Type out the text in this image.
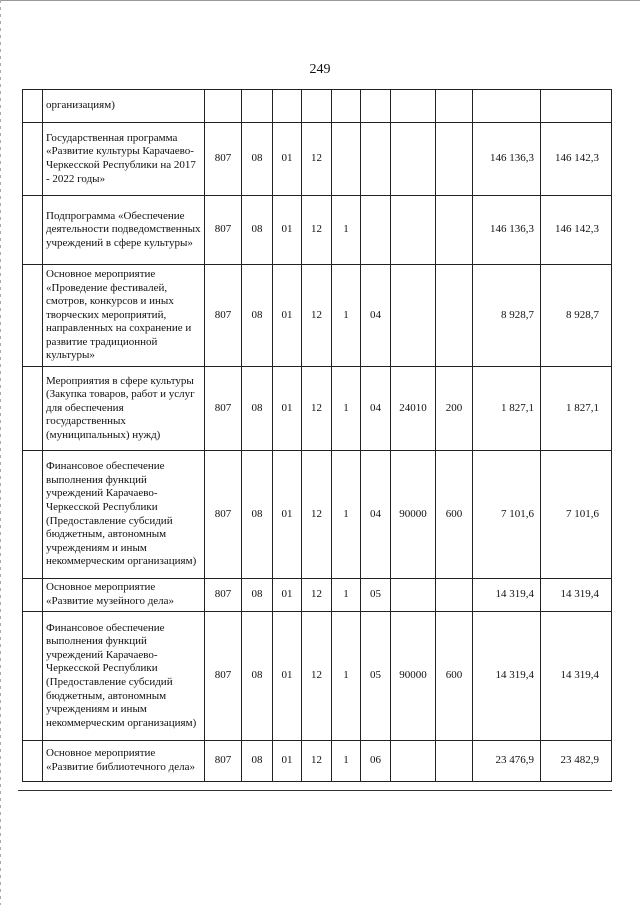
249
	организациям)										
	Государственная программа «Развитие культуры Карачаево-Черкесской Республики на 2017 - 2022 годы»	807	08	01	12					146 136,3	146 142,3
	Подпрограмма «Обеспечение деятельности подведомственных учреждений в сфере культуры»	807	08	01	12	1				146 136,3	146 142,3
	Основное мероприятие «Проведение фестивалей, смотров, конкурсов и иных творческих мероприятий, направленных на сохранение и развитие традиционной культуры»	807	08	01	12	1	04			8 928,7	8 928,7
	Мероприятия в сфере культуры (Закупка товаров, работ и услуг для обеспечения государственных (муниципальных) нужд)	807	08	01	12	1	04	24010	200	1 827,1	1 827,1
	Финансовое обеспечение выполнения функций учреждений Карачаево-Черкесской Республики (Предоставление субсидий бюджетным, автономным учреждениям и иным некоммерческим организациям)	807	08	01	12	1	04	90000	600	7 101,6	7 101,6
	Основное мероприятие «Развитие музейного дела»	807	08	01	12	1	05			14 319,4	14 319,4
	Финансовое обеспечение выполнения функций учреждений Карачаево-Черкесской Республики (Предоставление субсидий бюджетным, автономным учреждениям и иным некоммерческим организациям)	807	08	01	12	1	05	90000	600	14 319,4	14 319,4
	Основное мероприятие «Развитие библиотечного дела»	807	08	01	12	1	06			23 476,9	23 482,9
